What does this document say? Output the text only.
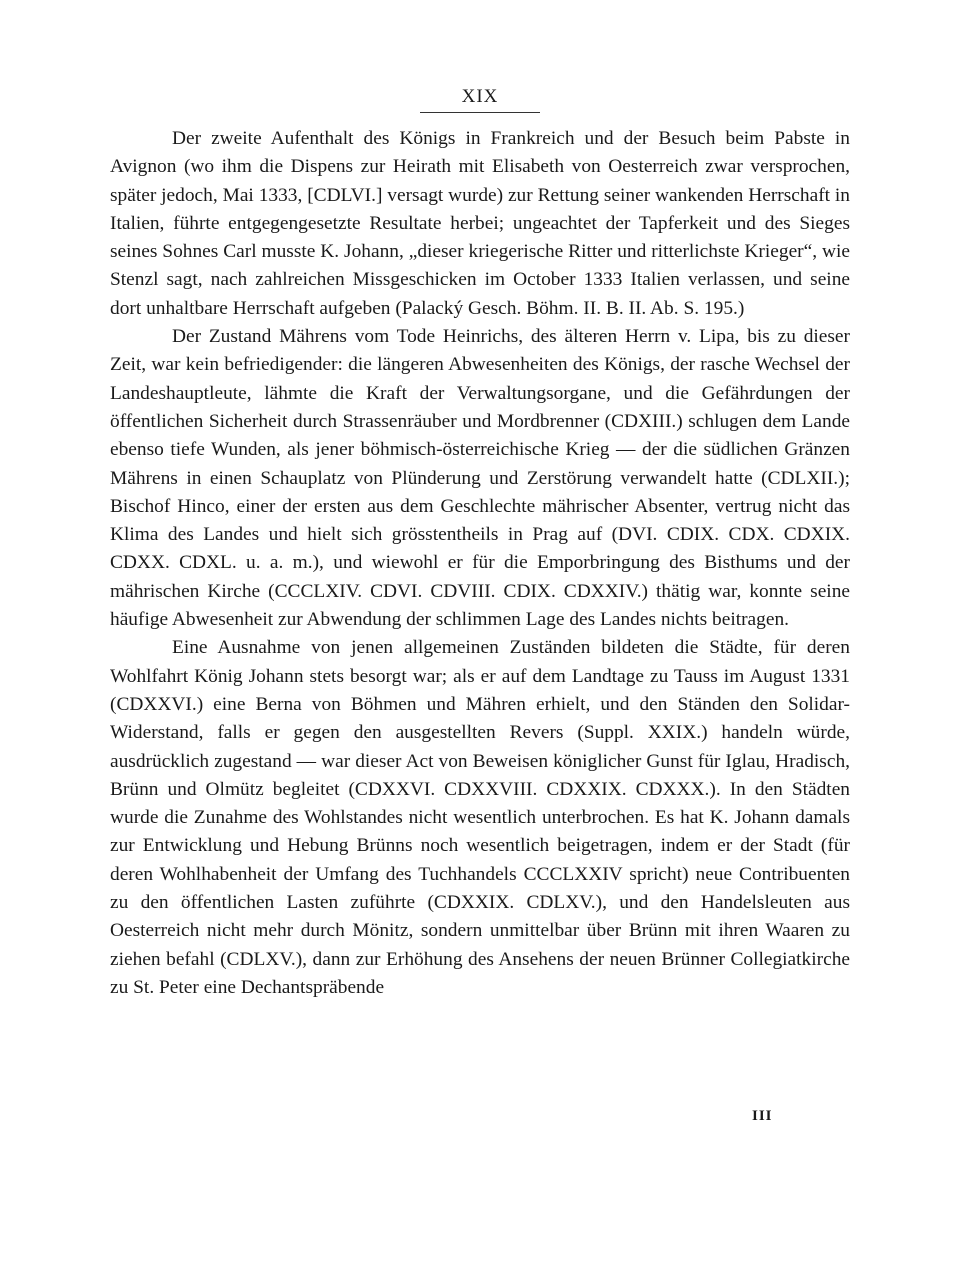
XIX

Der zweite Aufenthalt des Königs in Frankreich und der Besuch beim Pabste in Avignon (wo ihm die Dispens zur Heirath mit Elisabeth von Oesterreich zwar versprochen, später jedoch, Mai 1333, [CDLVI.] versagt wurde) zur Rettung seiner wankenden Herrschaft in Italien, führte entgegengesetzte Resultate herbei; ungeachtet der Tapferkeit und des Sieges seines Sohnes Carl musste K. Johann, „dieser kriegerische Ritter und ritterlichste Krieger“, wie Stenzl sagt, nach zahlreichen Missgeschicken im October 1333 Italien verlassen, und seine dort unhaltbare Herrschaft aufgeben (Palacký Gesch. Böhm. II. B. II. Ab. S. 195.)

Der Zustand Mährens vom Tode Heinrichs, des älteren Herrn v. Lipa, bis zu dieser Zeit, war kein befriedigender: die längeren Abwesenheiten des Königs, der rasche Wechsel der Landeshauptleute, lähmte die Kraft der Verwaltungsorgane, und die Gefährdungen der öffentlichen Sicherheit durch Strassenräuber und Mordbrenner (CDXIII.) schlugen dem Lande ebenso tiefe Wunden, als jener böhmisch-österreichische Krieg — der die südlichen Gränzen Mährens in einen Schauplatz von Plünderung und Zerstörung verwandelt hatte (CDLXII.); Bischof Hinco, einer der ersten aus dem Geschlechte mährischer Absenter, vertrug nicht das Klima des Landes und hielt sich grösstentheils in Prag auf (DVI. CDIX. CDX. CDXIX. CDXX. CDXL. u. a. m.), und wiewohl er für die Emporbringung des Bisthums und der mährischen Kirche (CCCLXIV. CDVI. CDVIII. CDIX. CDXXIV.) thätig war, konnte seine häufige Abwesenheit zur Abwendung der schlimmen Lage des Landes nichts beitragen.

Eine Ausnahme von jenen allgemeinen Zuständen bildeten die Städte, für deren Wohlfahrt König Johann stets besorgt war; als er auf dem Landtage zu Tauss im August 1331 (CDXXVI.) eine Berna von Böhmen und Mähren erhielt, und den Ständen den Solidar-Widerstand, falls er gegen den ausgestellten Revers (Suppl. XXIX.) handeln würde, ausdrücklich zugestand — war dieser Act von Beweisen königlicher Gunst für Iglau, Hradisch, Brünn und Olmütz begleitet (CDXXVI. CDXXVIII. CDXXIX. CDXXX.). In den Städten wurde die Zunahme des Wohlstandes nicht wesentlich unterbrochen. Es hat K. Johann damals zur Entwicklung und Hebung Brünns noch wesentlich beigetragen, indem er der Stadt (für deren Wohlhabenheit der Umfang des Tuchhandels CCCLXXIV spricht) neue Contribuenten zu den öffentlichen Lasten zuführte (CDXXIX. CDLXV.), und den Handelsleuten aus Oesterreich nicht mehr durch Mönitz, sondern unmittelbar über Brünn mit ihren Waaren zu ziehen befahl (CDLXV.), dann zur Erhöhung des Ansehens der neuen Brünner Collegiatkirche zu St. Peter eine Dechantspräbende

III
